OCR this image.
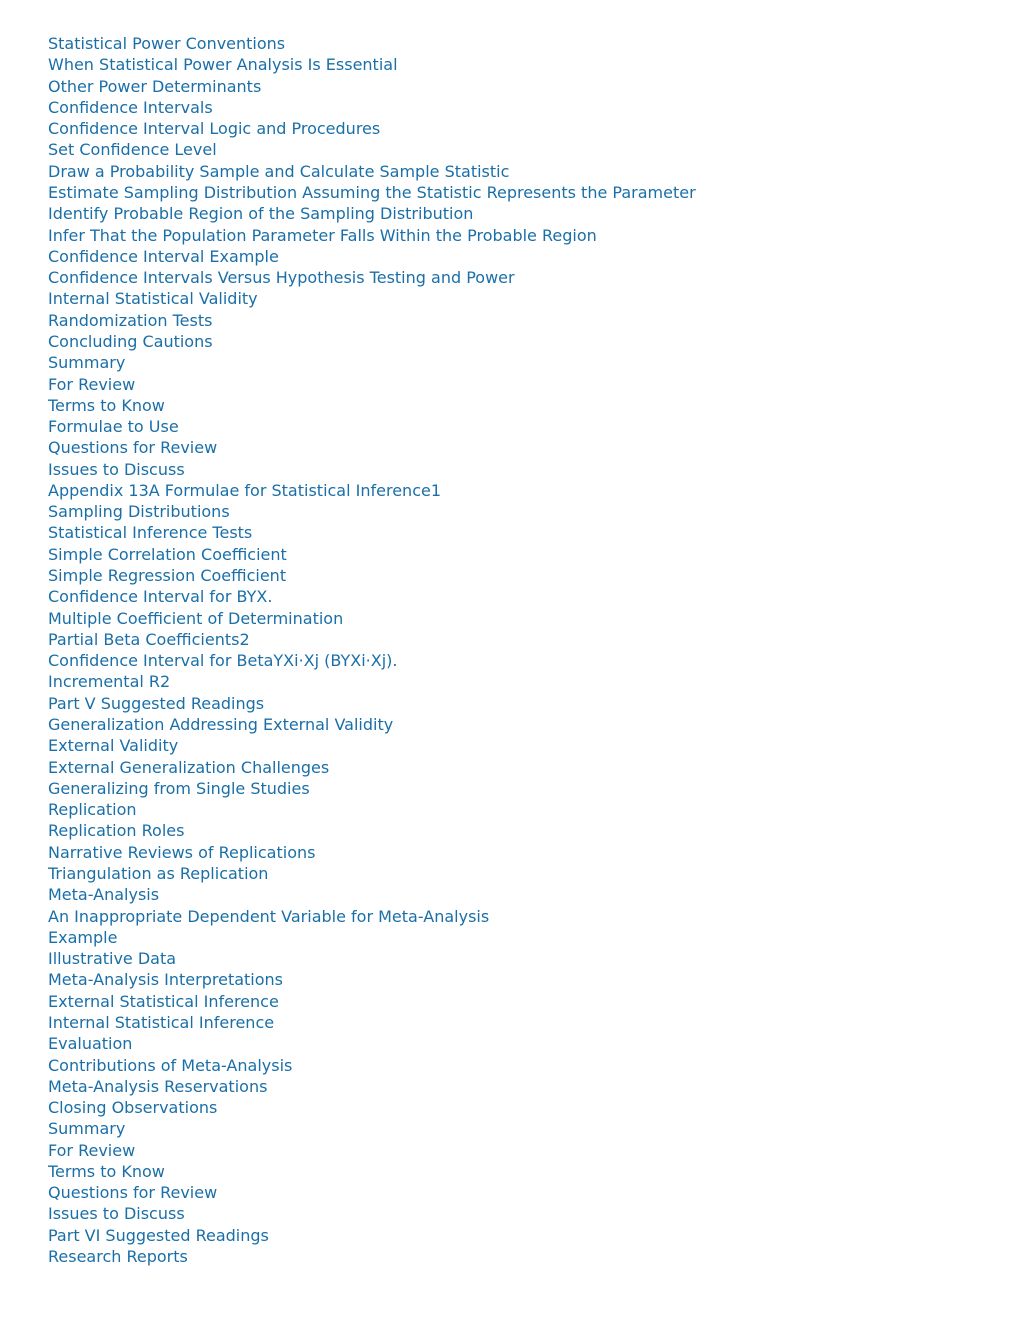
Statistical Power Conventions
When Statistical Power Analysis Is Essential
Other Power Determinants
Confidence Intervals
Confidence Interval Logic and Procedures
Set Confidence Level
Draw a Probability Sample and Calculate Sample Statistic
Estimate Sampling Distribution Assuming the Statistic Represents the Parameter
Identify Probable Region of the Sampling Distribution
Infer That the Population Parameter Falls Within the Probable Region
Confidence Interval Example
Confidence Intervals Versus Hypothesis Testing and Power
Internal Statistical Validity
Randomization Tests
Concluding Cautions
Summary
For Review
Terms to Know
Formulae to Use
Questions for Review
Issues to Discuss
Appendix 13A Formulae for Statistical Inference1
Sampling Distributions
Statistical Inference Tests
Simple Correlation Coefficient
Simple Regression Coefficient
Confidence Interval for BYX.
Multiple Coefficient of Determination
Partial Beta Coefficients2
Confidence Interval for BetaYXi·Xj (BYXi·Xj).
Incremental R2
Part V Suggested Readings
Generalization Addressing External Validity
External Validity
External Generalization Challenges
Generalizing from Single Studies
Replication
Replication Roles
Narrative Reviews of Replications
Triangulation as Replication
Meta-Analysis
An Inappropriate Dependent Variable for Meta-Analysis
Example
Illustrative Data
Meta-Analysis Interpretations
External Statistical Inference
Internal Statistical Inference
Evaluation
Contributions of Meta-Analysis
Meta-Analysis Reservations
Closing Observations
Summary
For Review
Terms to Know
Questions for Review
Issues to Discuss
Part VI Suggested Readings
Research Reports
